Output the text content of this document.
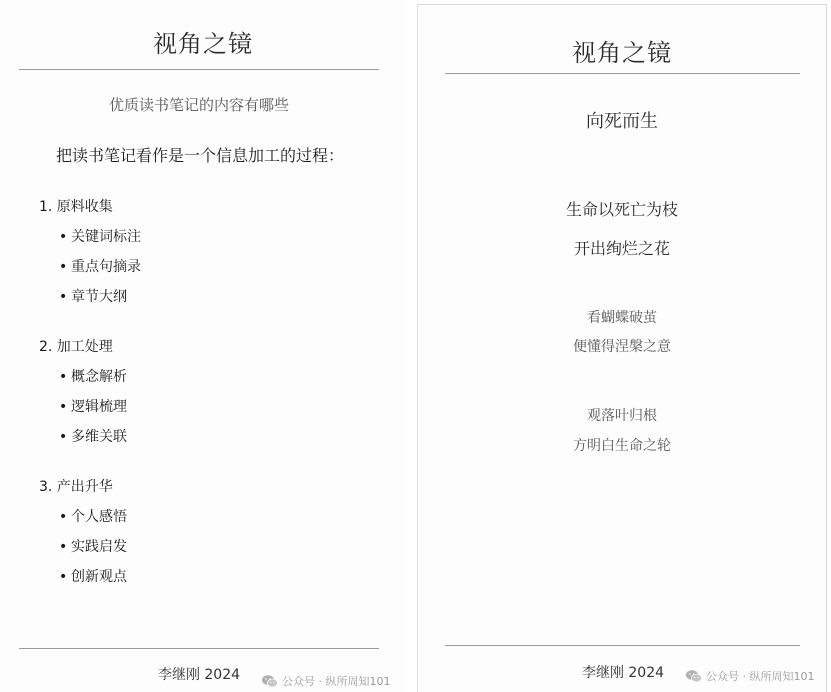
视角之镜
优质读书笔记的内容有哪些
把读书笔记看作是一个信息加工的过程：
1. 原料收集
• 关键词标注
• 重点句摘录
• 章节大纲
2. 加工处理
• 概念解析
• 逻辑梳理
• 多维关联
3. 产出升华
• 个人感悟
• 实践启发
• 创新观点
李继刚 2024
视角之镜
向死而生
生命以死亡为枝
开出绚烂之花
看蝴蝶破茧
便懂得涅槃之意
观落叶归根
方明白生命之轮
李继刚 2024
公众号 · 纵所周知101	公众号 · 纵所周知101
